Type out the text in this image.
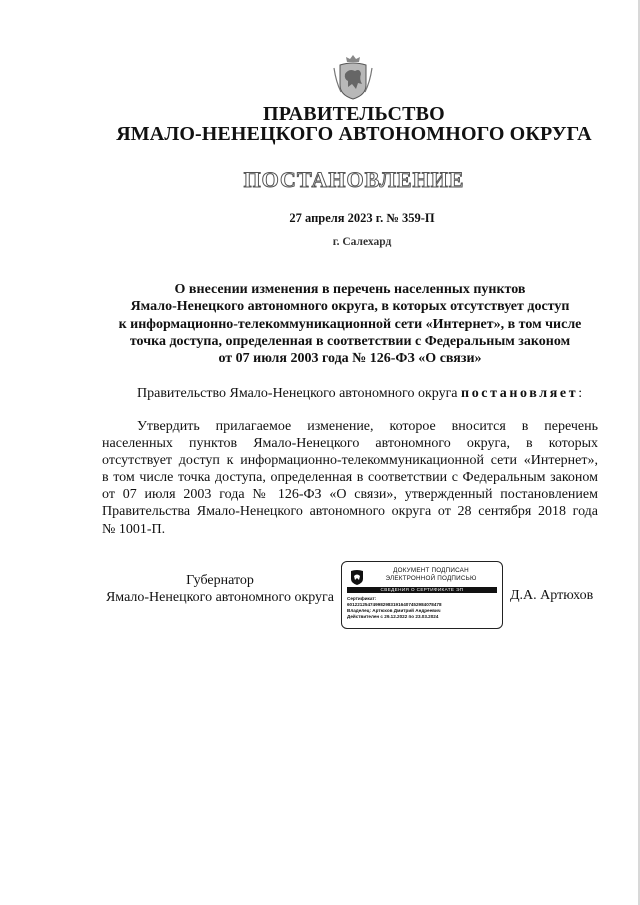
ПРАВИТЕЛЬСТВО
ЯМАЛО-НЕНЕЦКОГО АВТОНОМНОГО ОКРУГА
ПОСТАНОВЛЕНИЕ
27 апреля 2023 г. № 359-П
г. Салехард
О внесении изменения в перечень населенных пунктов
Ямало-Ненецкого автономного округа, в которых отсутствует доступ
к информационно-телекоммуникационной сети «Интернет», в том числе
точка доступа, определенная в соответствии с Федеральным законом
от 07 июля 2003 года № 126-ФЗ «О связи»
Правительство Ямало-Ненецкого автономного округа постановляет:
Утвердить прилагаемое изменение, которое вносится в перечень
населенных пунктов Ямало-Ненецкого автономного округа, в которых
отсутствует доступ к информационно-телекоммуникационной сети «Интернет»,
в том числе точка доступа, определенная в соответствии с Федеральным законом
от 07 июля 2003 года № 126-ФЗ «О связи», утвержденный постановлением
Правительства Ямало-Ненецкого автономного округа от 28 сентября 2018 года
№ 1001-П.
Губернатор
Ямало-Ненецкого автономного округа
ДОКУМЕНТ ПОДПИСАН
ЭЛЕКТРОННОЙ ПОДПИСЬЮ
СВЕДЕНИЯ О СЕРТИФИКАТЕ ЭП
Сертификат:
6012212547499829831916407452984078478
Владелец: Артюхов Дмитрий Андреевич
Действителен с 29.12.2022 по 23.03.2024
Д.А. Артюхов
